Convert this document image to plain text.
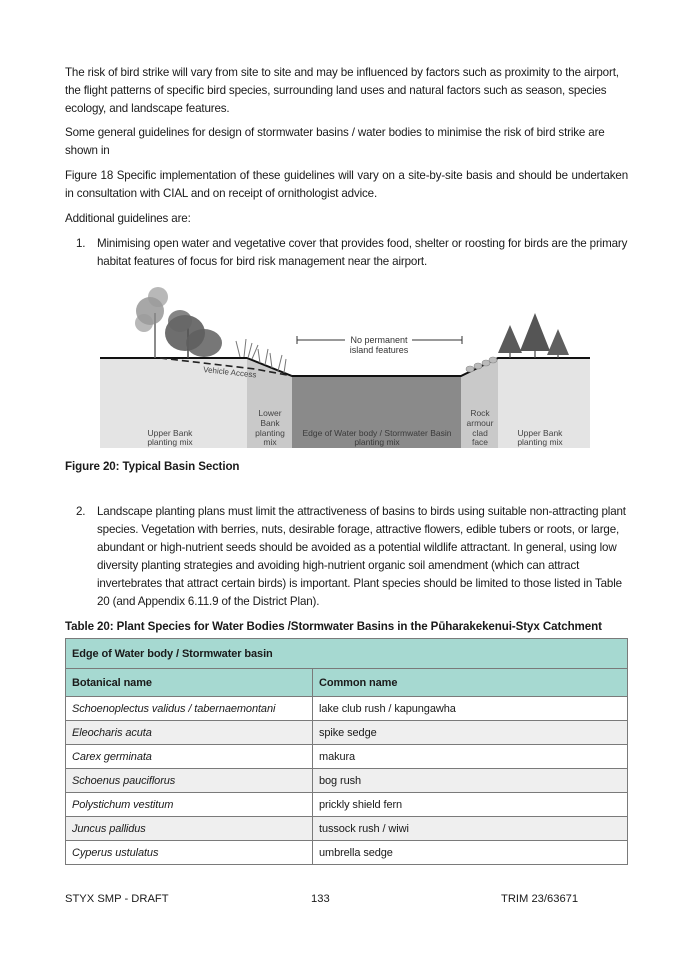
The risk of bird strike will vary from site to site and may be influenced by factors such as proximity to the airport, the flight patterns of specific bird species, surrounding land uses and natural factors such as season, species ecology, and landscape features.

Some general guidelines for design of stormwater basins / water bodies to minimise the risk of bird strike are shown in

Figure 18 Specific implementation of these guidelines will vary on a site-by-site basis and should be undertaken in consultation with CIAL and on receipt of ornithologist advice.

Additional guidelines are:

1. Minimising open water and vegetative cover that provides food, shelter or roosting for birds are the primary habitat features of focus for bird risk management near the airport.
No permanent
island features
Vehicle Access
Upper Bank
planting mix
Lower
Bank
planting
mix
Edge of Water body / Stormwater Basin
planting mix
Rock
armour
clad
face
Upper Bank
planting mix
Figure 20: Typical Basin Section
2. Landscape planting plans must limit the attractiveness of basins to birds using suitable non-attracting plant species. Vegetation with berries, nuts, desirable forage, attractive flowers, edible tubers or roots, or large, abundant or high-nutrient seeds should be avoided as a potential wildlife attractant. In general, using low diversity planting strategies and avoiding high-nutrient organic soil amendment (which can attract invertebrates that attract certain birds) is important. Plant species should be limited to those listed in Table 20 (and Appendix 6.11.9 of the District Plan).
Table 20: Plant Species for Water Bodies /Stormwater Basins in the Pūharakekenui-Styx Catchment
Edge of Water body / Stormwater basin	
Botanical name	Common name
Schoenoplectus validus / tabernaemontani	lake club rush / kapungawha
Eleocharis acuta	spike sedge
Carex germinata	makura
Schoenus pauciflorus	bog rush
Polystichum vestitum	prickly shield fern
Juncus pallidus	tussock rush / wiwi
Cyperus ustulatus	umbrella sedge
STYX SMP - DRAFT	133	TRIM 23/63671
